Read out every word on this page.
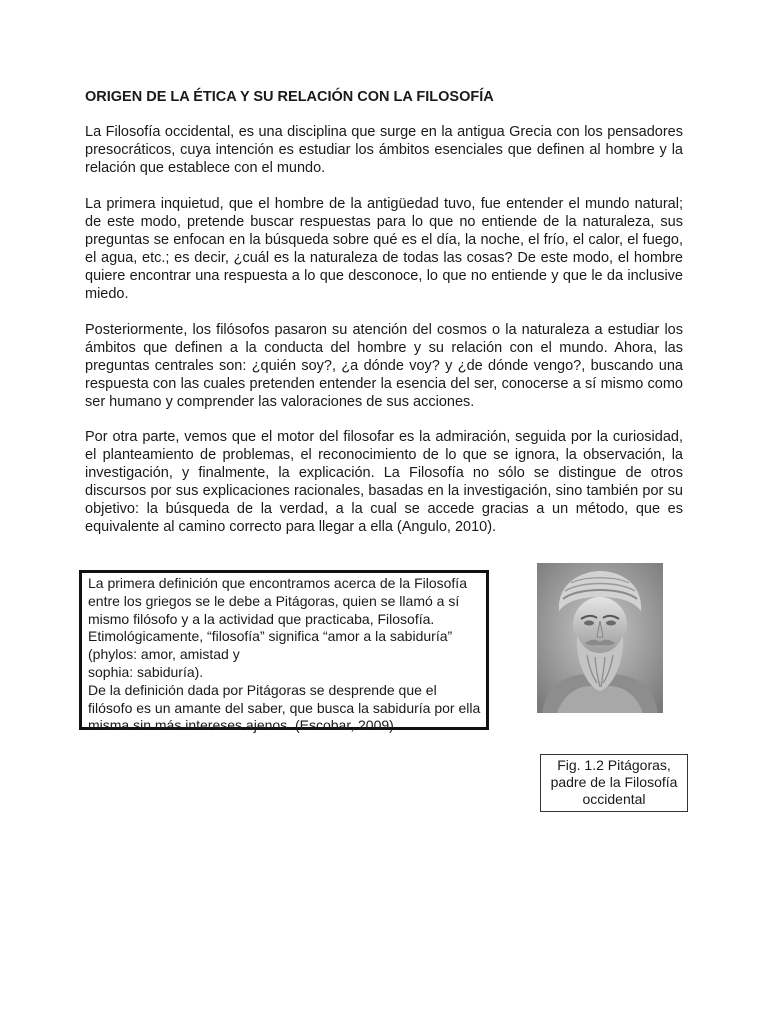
ORIGEN DE LA ÉTICA Y SU RELACIÓN CON LA FILOSOFÍA

La Filosofía occidental, es una disciplina que surge en la antigua Grecia con los pensadores presocráticos, cuya intención es estudiar los ámbitos esenciales que definen al hombre y la relación que establece con el mundo.

La primera inquietud, que el hombre de la antigüedad tuvo, fue entender el mundo natural; de este modo, pretende buscar respuestas para lo que no entiende de la naturaleza, sus preguntas se enfocan en la búsqueda sobre qué es el día, la noche, el frío, el calor, el fuego, el agua, etc.; es decir, ¿cuál es la naturaleza de todas las cosas? De este modo, el hombre quiere encontrar una respuesta a lo que desconoce, lo que no entiende y que le da inclusive miedo.

Posteriormente, los filósofos pasaron su atención del cosmos o la naturaleza a estudiar los ámbitos que definen a la conducta del hombre y su relación con el mundo. Ahora, las preguntas centrales son: ¿quién soy?, ¿a dónde voy? y ¿de dónde vengo?, buscando una respuesta con las cuales pretenden entender la esencia del ser, conocerse a sí mismo como ser humano y comprender las valoraciones de sus acciones.

Por otra parte, vemos que el motor del filosofar es la admiración, seguida por la curiosidad, el planteamiento de problemas, el reconocimiento de lo que se ignora, la observación, la investigación, y finalmente, la explicación. La Filosofía no sólo se distingue de otros discursos por sus explicaciones racionales, basadas en la investigación, sino también por su objetivo: la búsqueda de la verdad, a la cual se accede gracias a un método, que es equivalente al camino correcto para llegar a ella (Angulo, 2010).

La primera definición que encontramos acerca de la Filosofía entre los griegos se le debe a Pitágoras, quien se llamó a sí mismo filósofo y a la actividad que practicaba, Filosofía. Etimológicamente, “filosofía” significa “amor a la sabiduría” (phylos: amor, amistad y

sophia: sabiduría).

De la definición dada por Pitágoras se desprende que el filósofo es un amante del saber, que busca la sabiduría por ella misma sin más intereses ajenos. (Escobar, 2009).

Fig. 1.2 Pitágoras, padre de la Filosofía occidental
